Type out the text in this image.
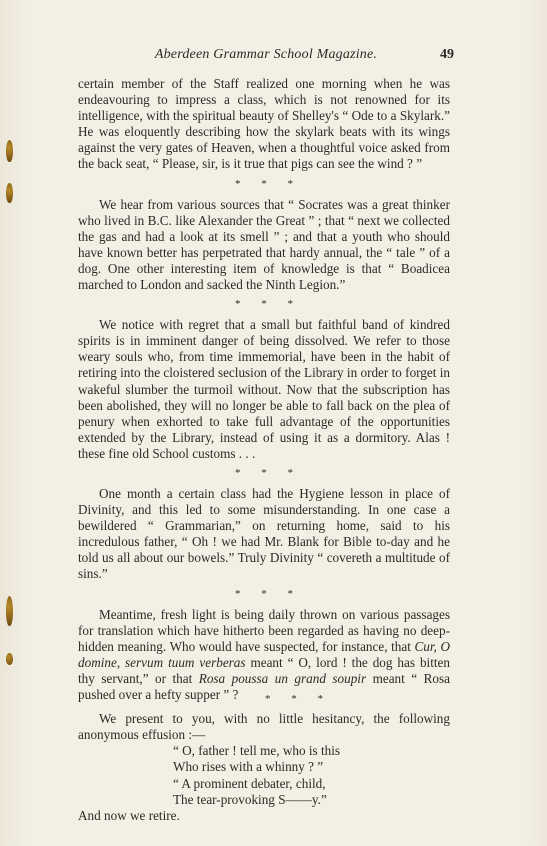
Aberdeen Grammar School Magazine.	49

certain member of the Staff realized one morning when he was endeavouring to impress a class, which is not renowned for its intelligence, with the spiritual beauty of Shelley's “ Ode to a Skylark.” He was eloquently describing how the skylark beats with its wings against the very gates of Heaven, when a thoughtful voice asked from the back seat, “ Please, sir, is it true that pigs can see the wind ? ”

* * *

We hear from various sources that “ Socrates was a great thinker who lived in B.C. like Alexander the Great ” ; that “ next we collected the gas and had a look at its smell ” ; and that a youth who should have known better has perpetrated that hardy annual, the “ tale ” of a dog. One other interesting item of knowledge is that “ Boadicea marched to London and sacked the Ninth Legion.”

* * *

We notice with regret that a small but faithful band of kindred spirits is in imminent danger of being dissolved. We refer to those weary souls who, from time immemorial, have been in the habit of retiring into the cloistered seclusion of the Library in order to forget in wakeful slumber the turmoil without. Now that the subscription has been abolished, they will no longer be able to fall back on the plea of penury when exhorted to take full advantage of the opportunities extended by the Library, instead of using it as a dormitory. Alas ! these fine old School customs . . .

* * *

One month a certain class had the Hygiene lesson in place of Divinity, and this led to some misunderstanding. In one case a bewildered “ Grammarian,” on returning home, said to his incredulous father, “ Oh ! we had Mr. Blank for Bible to-day and he told us all about our bowels.” Truly Divinity “ covereth a multitude of sins.”

* * *

Meantime, fresh light is being daily thrown on various passages for translation which have hitherto been regarded as having no deep-hidden meaning. Who would have suspected, for instance, that Cur, O domine, servum tuum verberas meant “ O, lord ! the dog has bitten thy servant,” or that Rosa poussa un grand soupir meant “ Rosa pushed over a hefty supper ” ?	* * *

We present to you, with no little hesitancy, the following anonymous effusion :—

“ O, father ! tell me, who is this
Who rises with a whinny ? ”
“ A prominent debater, child,
The tear-provoking S——y.”

And now we retire.
